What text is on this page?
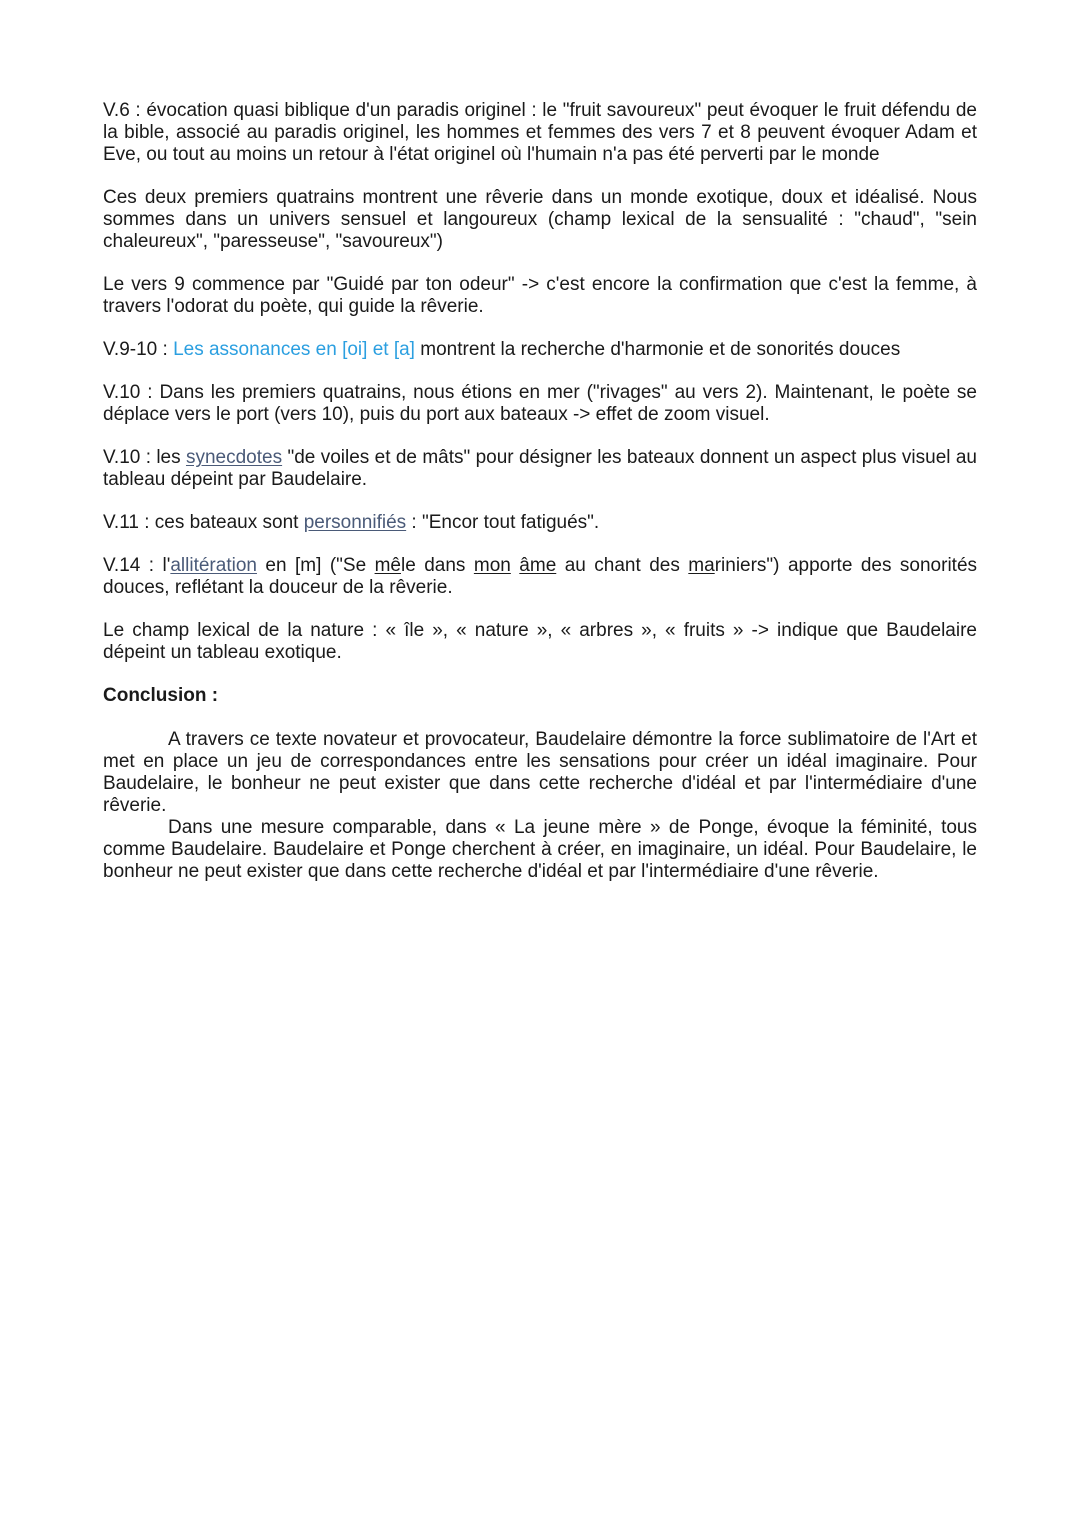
V.6 : évocation quasi biblique d'un paradis originel : le "fruit savoureux" peut évoquer le fruit défendu de la bible, associé au paradis originel, les hommes et femmes des vers 7 et 8 peuvent évoquer Adam et Eve, ou tout au moins un retour à l'état originel où l'humain n'a pas été perverti par le monde

Ces deux premiers quatrains montrent une rêverie dans un monde exotique, doux et idéalisé. Nous sommes dans un univers sensuel et langoureux (champ lexical de la sensualité : "chaud", "sein chaleureux", "paresseuse", "savoureux")

Le vers 9 commence par "Guidé par ton odeur" -> c'est encore la confirmation que c'est la femme, à travers l'odorat du poète, qui guide la rêverie.

V.9-10 : Les assonances en [oi] et [a] montrent la recherche d'harmonie et de sonorités douces

V.10 : Dans les premiers quatrains, nous étions en mer ("rivages" au vers 2). Maintenant, le poète se déplace vers le port (vers 10), puis du port aux bateaux -> effet de zoom visuel.

V.10 : les synecdotes "de voiles et de mâts" pour désigner les bateaux donnent un aspect plus visuel au tableau dépeint par Baudelaire.

V.11 : ces bateaux sont personnifiés : "Encor tout fatigués".

V.14 : l'allitération en [m] ("Se mêle dans mon âme au chant des mariniers") apporte des sonorités douces, reflétant la douceur de la rêverie.

Le champ lexical de la nature : « île », « nature », « arbres », « fruits » -> indique que Baudelaire dépeint un tableau exotique.

Conclusion :

A travers ce texte novateur et provocateur, Baudelaire démontre la force sublimatoire de l'Art et met en place un jeu de correspondances entre les sensations pour créer un idéal imaginaire. Pour Baudelaire, le bonheur ne peut exister que dans cette recherche d'idéal et par l'intermédiaire d'une rêverie.

Dans une mesure comparable, dans « La jeune mère » de Ponge, évoque la féminité, tous comme Baudelaire. Baudelaire et Ponge cherchent à créer, en imaginaire, un idéal. Pour Baudelaire, le bonheur ne peut exister que dans cette recherche d'idéal et par l'intermédiaire d'une rêverie.
